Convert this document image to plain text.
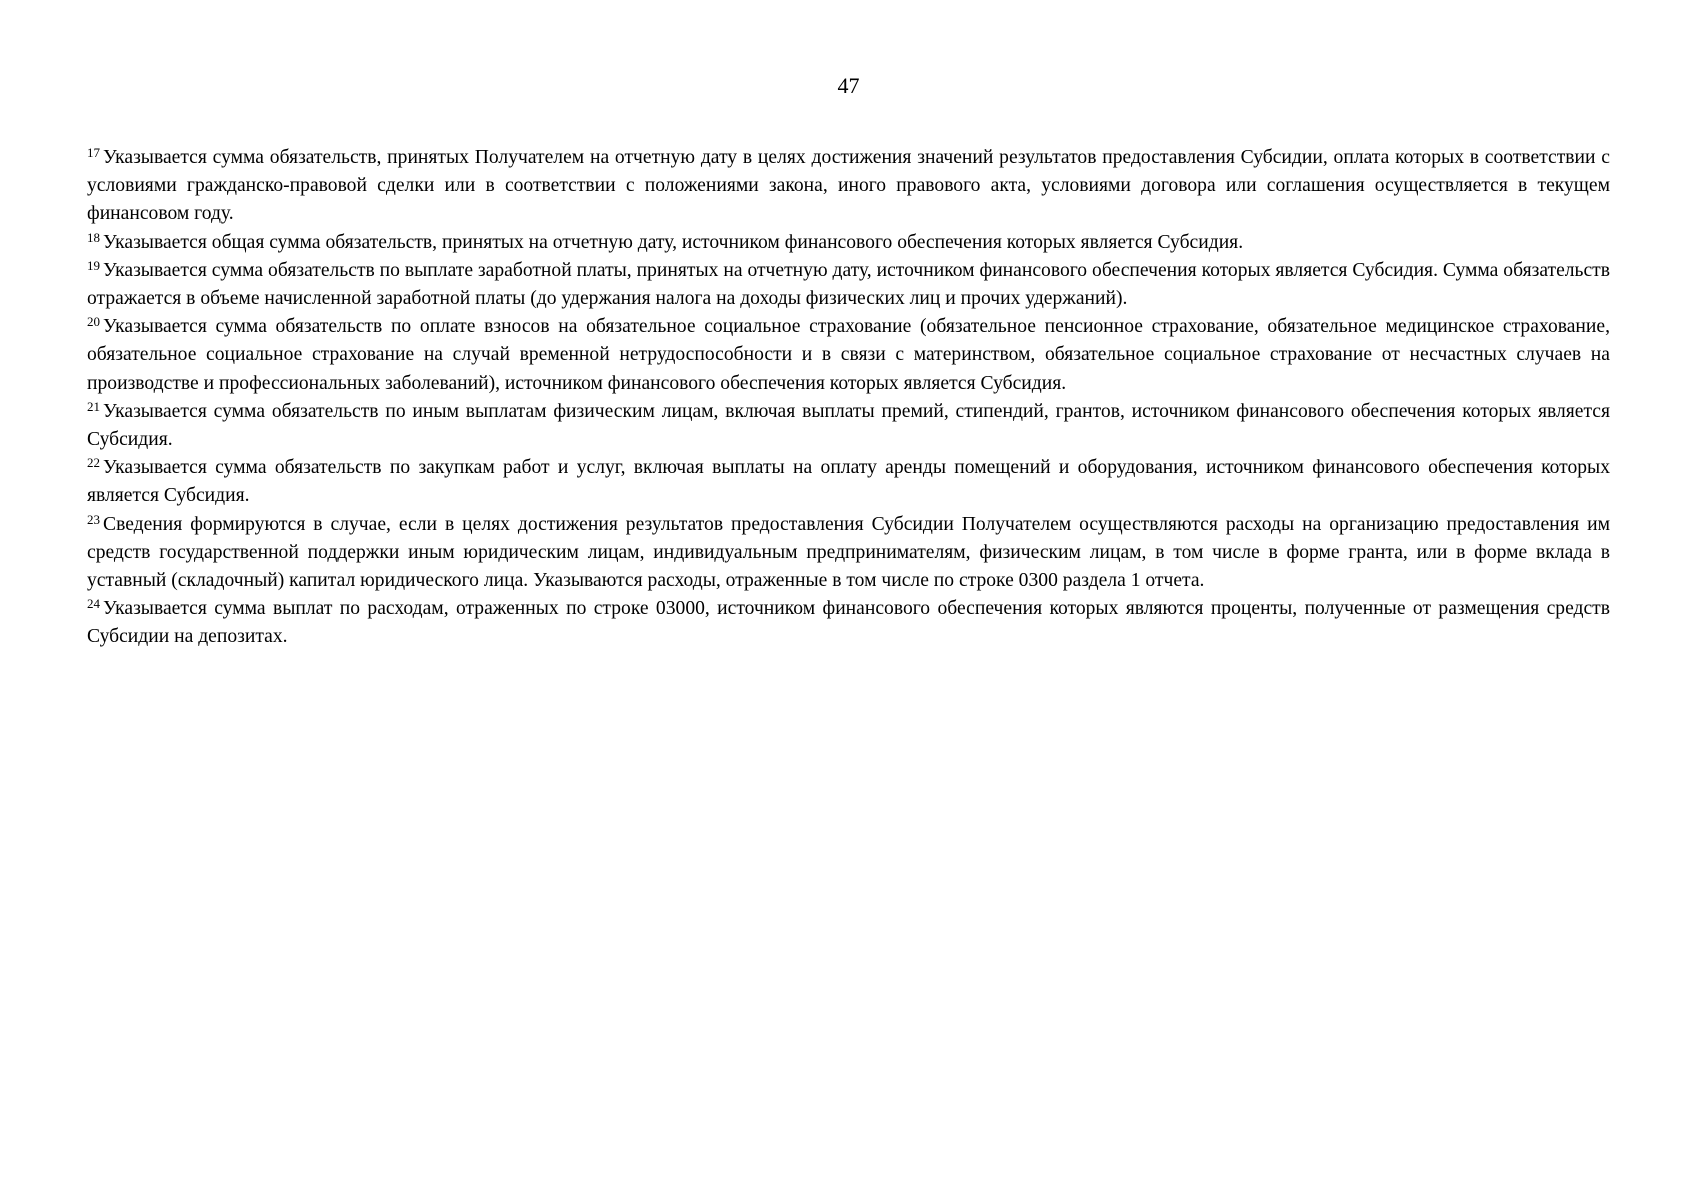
47

$^{17}$ Указывается сумма обязательств, принятых Получателем на отчетную дату в целях достижения значений результатов предоставления Субсидии, оплата которых в соответствии с условиями гражданско-правовой сделки или в соответствии с положениями закона, иного правового акта, условиями договора или соглашения осуществляется в текущем финансовом году.

$^{18}$ Указывается общая сумма обязательств, принятых на отчетную дату, источником финансового обеспечения которых является Субсидия.

$^{19}$ Указывается сумма обязательств по выплате заработной платы, принятых на отчетную дату, источником финансового обеспечения которых является Субсидия. Сумма обязательств отражается в объеме начисленной заработной платы (до удержания налога на доходы физических лиц и прочих удержаний).

$^{20}$ Указывается сумма обязательств по оплате взносов на обязательное социальное страхование (обязательное пенсионное страхование, обязательное медицинское страхование, обязательное социальное страхование на случай временной нетрудоспособности и в связи с материнством, обязательное социальное страхование от несчастных случаев на производстве и профессиональных заболеваний), источником финансового обеспечения которых является Субсидия.

$^{21}$ Указывается сумма обязательств по иным выплатам физическим лицам, включая выплаты премий, стипендий, грантов, источником финансового обеспечения которых является Субсидия.

$^{22}$ Указывается сумма обязательств по закупкам работ и услуг, включая выплаты на оплату аренды помещений и оборудования, источником финансового обеспечения которых является Субсидия.

$^{23}$ Сведения формируются в случае, если в целях достижения результатов предоставления Субсидии Получателем осуществляются расходы на организацию предоставления им средств государственной поддержки иным юридическим лицам, индивидуальным предпринимателям, физическим лицам, в том числе в форме гранта, или в форме вклада в уставный (складочный) капитал юридического лица. Указываются расходы, отраженные в том числе по строке 0300 раздела 1 отчета.

$^{24}$ Указывается сумма выплат по расходам, отраженных по строке 03000, источником финансового обеспечения которых являются проценты, полученные от размещения средств Субсидии на депозитах.
